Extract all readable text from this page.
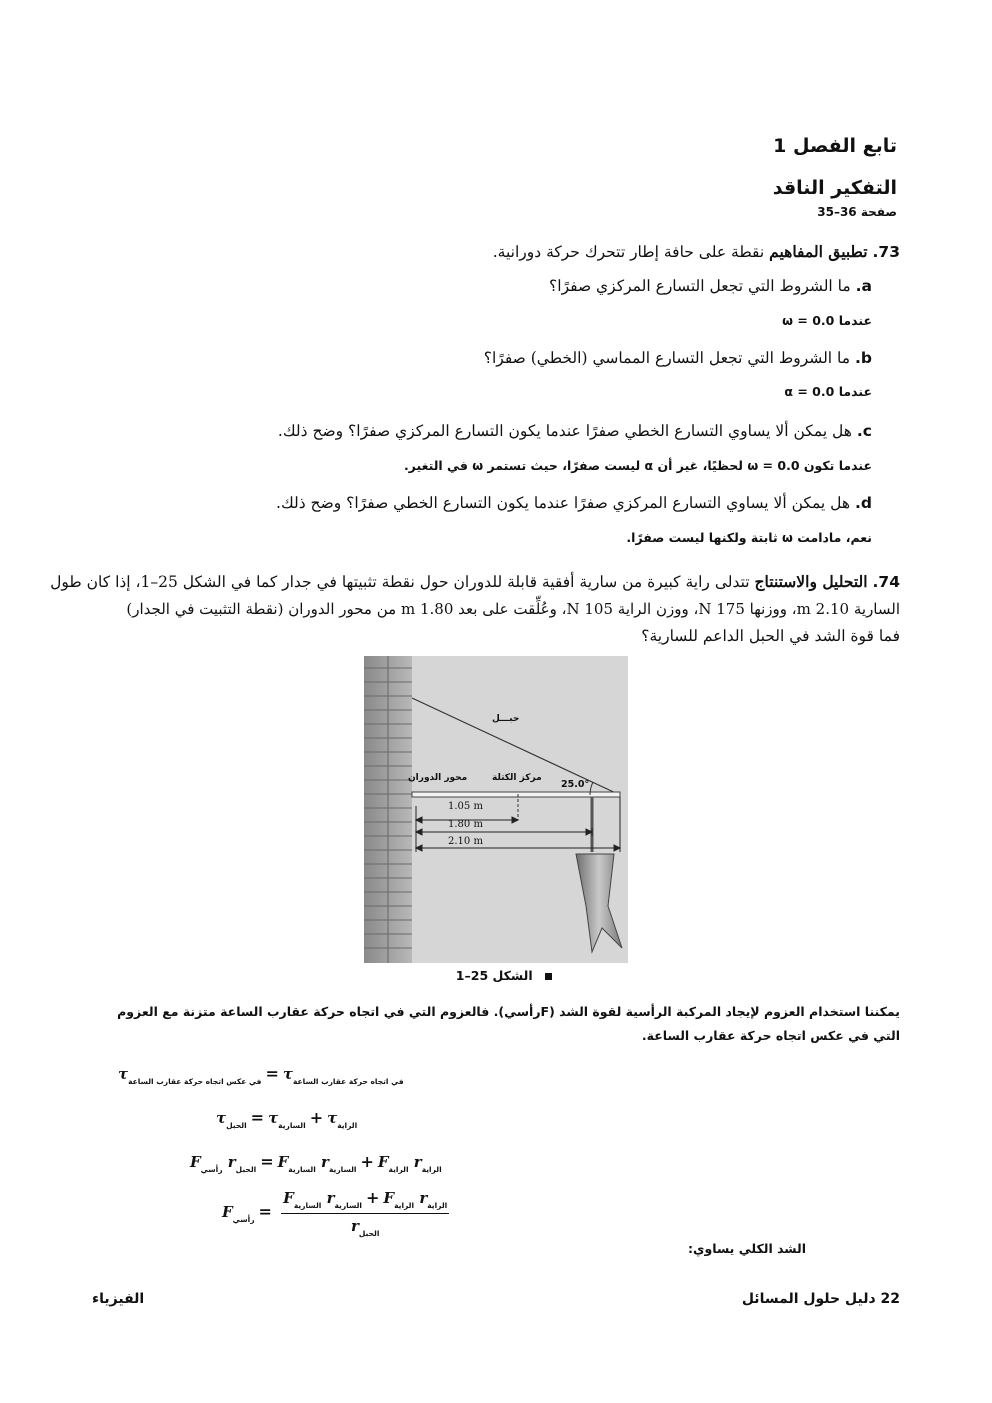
تابع الفصل 1
التفكير الناقد
صفحة 36–35
73. تطبيق المفاهيم نقطة على حافة إطار تتحرك حركة دورانية.
a. ما الشروط التي تجعل التسارع المركزي صفرًا؟
عندما ω = 0.0
b. ما الشروط التي تجعل التسارع المماسي (الخطي) صفرًا؟
عندما α = 0.0
c. هل يمكن ألا يساوي التسارع الخطي صفرًا عندما يكون التسارع المركزي صفرًا؟ وضح ذلك.
عندما تكون ω = 0.0 لحظيًا، غير أن α ليست صفرًا، حيث تستمر ω في التغير.
d. هل يمكن ألا يساوي التسارع المركزي صفرًا عندما يكون التسارع الخطي صفرًا؟ وضح ذلك.
نعم، مادامت ω ثابتة ولكنها ليست صفرًا.
74. التحليل والاستنتاج تتدلى راية كبيرة من سارية أفقية قابلة للدوران حول نقطة تثبيتها في جدار كما في الشكل 25–1، إذا كان طول
السارية 2.10 m، ووزنها 175 N، ووزن الراية 105 N، وعُلِّقت على بعد 1.80 m من محور الدوران (نقطة التثبيت في الجدار)
فما قوة الشد في الحبل الداعم للسارية؟
حبـــل
محور الدوران	مركز الكتلة
25.0°
1.05 m
1.80 m
2.10 m
الشكل 25–1
يمكننا استخدام العزوم لإيجاد المركبة الرأسية لقوة الشد (Fرأسي). فالعزوم التي في اتجاه حركة عقارب الساعة متزنة مع العزوم
التي في عكس اتجاه حركة عقارب الساعة.
$\tau_{في عكس اتجاه حركة عقارب الساعة} = \tau_{في اتجاه حركة عقارب الساعة}$
$\tau_{الحبل} = \tau_{السارية} + \tau_{الراية}$
$F_{رأسي}$ $r_{الحبل} = F_{السارية}$ $r_{السارية} + F_{الراية}$ $r_{الراية}$
$F_{رأسي} = \frac{F_{السارية} r_{السارية} + F_{الراية} r_{الراية}}{r_{الحبل}}$
الشد الكلي يساوي:
الفيزياء	22 دليل حلول المسائل
